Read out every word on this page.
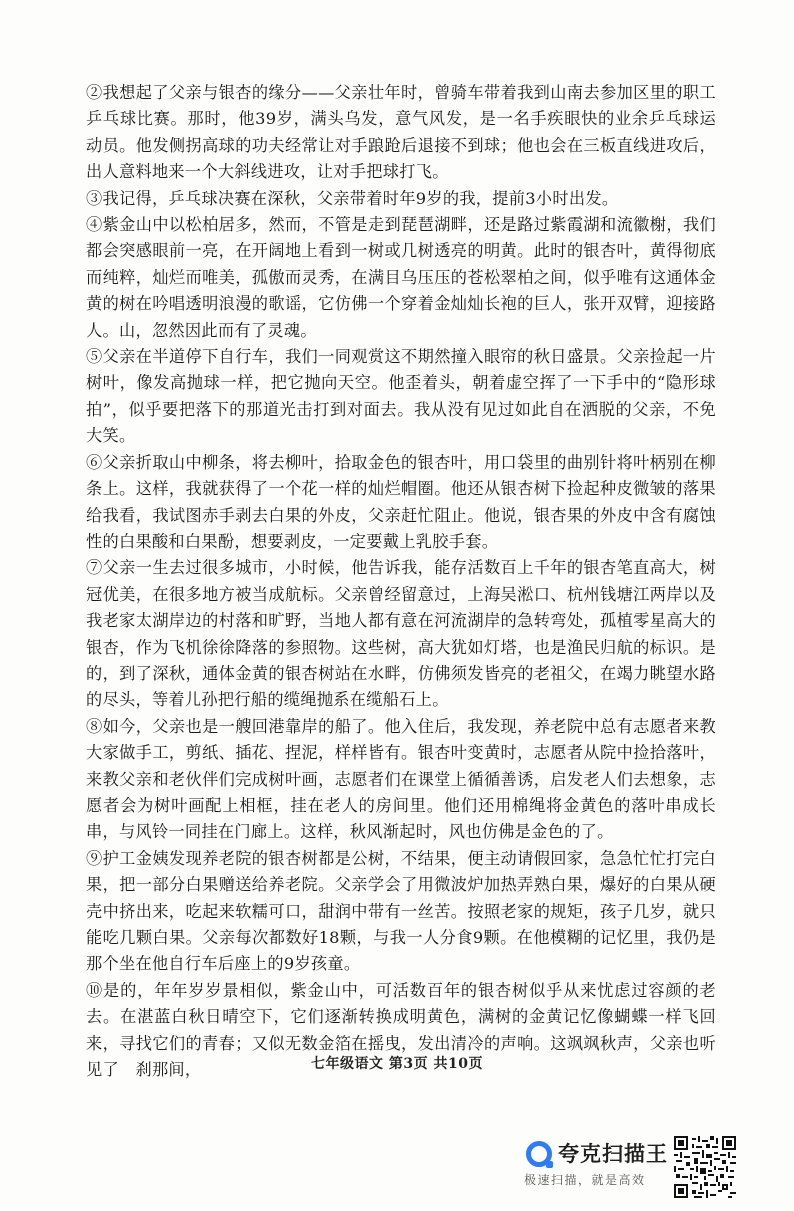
②我想起了父亲与银杏的缘分——父亲壮年时，曾骑车带着我到山南去参加区里的职工乒乓球比赛。那时，他39岁，满头乌发，意气风发，是一名手疾眼快的业余乒乓球运动员。他发侧拐高球的功夫经常让对手踉跄后退接不到球；他也会在三板直线进攻后，出人意料地来一个大斜线进攻，让对手把球打飞。

③我记得，乒乓球决赛在深秋，父亲带着时年9岁的我，提前3小时出发。

④紫金山中以松柏居多，然而，不管是走到琵琶湖畔，还是路过紫霞湖和流徽榭，我们都会突感眼前一亮，在开阔地上看到一树或几树透亮的明黄。此时的银杏叶，黄得彻底而纯粹，灿烂而唯美，孤傲而灵秀，在满目乌压压的苍松翠柏之间，似乎唯有这通体金黄的树在吟唱透明浪漫的歌谣，它仿佛一个穿着金灿灿长袍的巨人，张开双臂，迎接路人。山，忽然因此而有了灵魂。

⑤父亲在半道停下自行车，我们一同观赏这不期然撞入眼帘的秋日盛景。父亲捡起一片树叶，像发高抛球一样，把它抛向天空。他歪着头，朝着虚空挥了一下手中的“隐形球拍”，似乎要把落下的那道光击打到对面去。我从没有见过如此自在洒脱的父亲，不免大笑。

⑥父亲折取山中柳条，将去柳叶，拾取金色的银杏叶，用口袋里的曲别针将叶柄别在柳条上。这样，我就获得了一个花一样的灿烂帽圈。他还从银杏树下捡起种皮微皱的落果给我看，我试图赤手剥去白果的外皮，父亲赶忙阻止。他说，银杏果的外皮中含有腐蚀性的白果酸和白果酚，想要剥皮，一定要戴上乳胶手套。

⑦父亲一生去过很多城市，小时候，他告诉我，能存活数百上千年的银杏笔直高大，树冠优美，在很多地方被当成航标。父亲曾经留意过，上海吴淞口、杭州钱塘江两岸以及我老家太湖岸边的村落和旷野，当地人都有意在河流湖岸的急转弯处，孤植零星高大的银杏，作为飞机徐徐降落的参照物。这些树，高大犹如灯塔，也是渔民归航的标识。是的，到了深秋，通体金黄的银杏树站在水畔，仿佛须发皆亮的老祖父，在竭力眺望水路的尽头，等着儿孙把行船的缆绳抛系在缆船石上。

⑧如今，父亲也是一艘回港靠岸的船了。他入住后，我发现，养老院中总有志愿者来教大家做手工，剪纸、插花、捏泥，样样皆有。银杏叶变黄时，志愿者从院中捡拾落叶，来教父亲和老伙伴们完成树叶画，志愿者们在课堂上循循善诱，启发老人们去想象，志愿者会为树叶画配上相框，挂在老人的房间里。他们还用棉绳将金黄色的落叶串成长串，与风铃一同挂在门廊上。这样，秋风渐起时，风也仿佛是金色的了。

⑨护工金姨发现养老院的银杏树都是公树，不结果，便主动请假回家，急急忙忙打完白果，把一部分白果赠送给养老院。父亲学会了用微波炉加热弄熟白果，爆好的白果从硬壳中挤出来，吃起来软糯可口，甜润中带有一丝苦。按照老家的规矩，孩子几岁，就只能吃几颗白果。父亲每次都数好18颗，与我一人分食9颗。在他模糊的记忆里，我仍是那个坐在他自行车后座上的9岁孩童。

⑩是的，年年岁岁景相似，紫金山中，可活数百年的银杏树似乎从来忧虑过容颜的老去。在湛蓝白秋日晴空下，它们逐渐转换成明黄色，满树的金黄记忆像蝴蝶一样飞回来，寻找它们的青春；又似无数金箔在摇曳，发出清冷的声响。这飒飒秋声，父亲也听见了　刹那间，	七年级语文 第3页 共10页
夸克扫描王
极速扫描，就是高效
